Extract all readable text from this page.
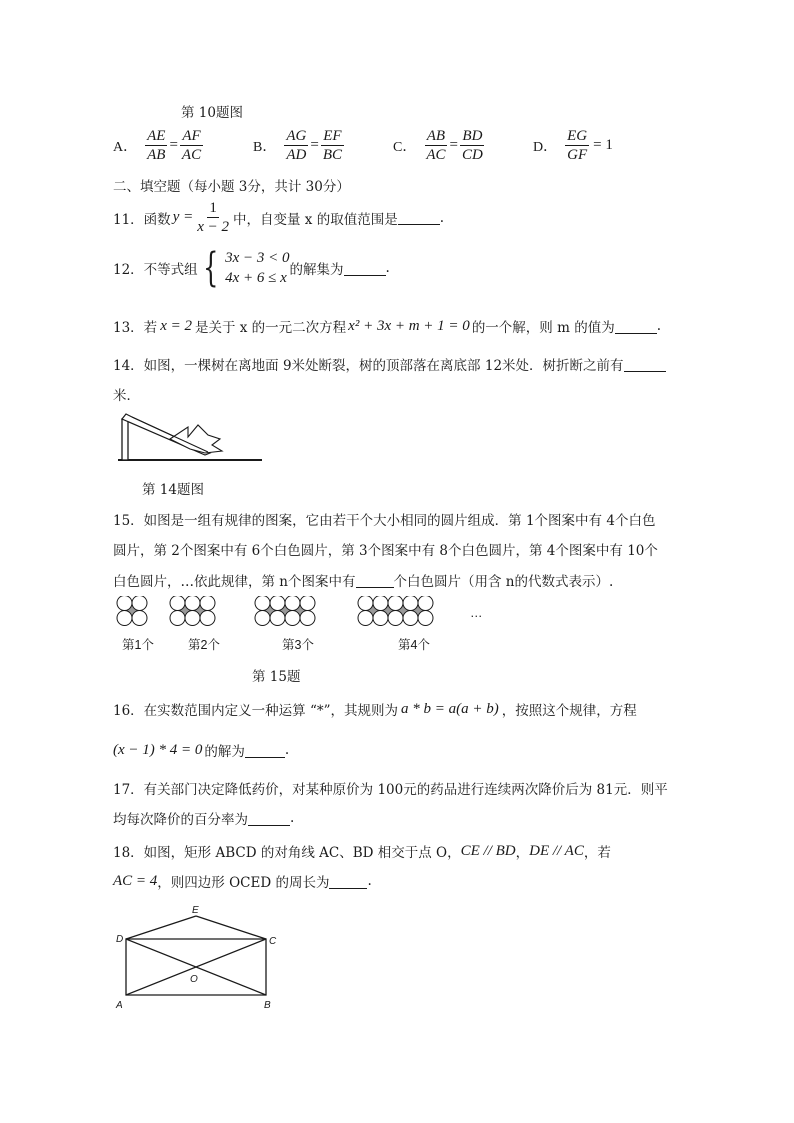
第 10题图
A． $\frac{AE}{AB} = \frac{AF}{AC}$	B． $\frac{AG}{AD} = \frac{EF}{BC}$	C． $\frac{AB}{AC} = \frac{BD}{CD}$	D． $\frac{EG}{GF} = 1$
二、填空题（每小题 3分，共计 30分）
11．函数 $y = \frac{1}{x - 2}$ 中，自变量 x 的取值范围是	.
12．不等式组 { 3x − 3 < 0
4x + 6 ≤ x 的解集为	.
13．若 x = 2 是关于 x 的一元二次方程 x² + 3x + m + 1 = 0 的一个解，则 m 的值为	.
14．如图，一棵树在离地面 9米处断裂，树的顶部落在离底部 12米处．树折断之前有
米．
第 14题图
15．如图是一组有规律的图案，它由若干个大小相同的圆片组成．第 1个图案中有 4个白色
圆片，第 2个图案中有 6个白色圆片，第 3个图案中有 8个白色圆片，第 4个图案中有 10个
白色圆片，…依此规律，第 n个图案中有	个白色圆片（用含 n的代数式表示）.
第1个	第2个	第3个	第4个
…
第 15题
16．在实数范围内定义一种运算 “*”，其规则为 a * b = a(a + b) ，按照这个规律，方程
(x − 1) * 4 = 0 的解为	.
17．有关部门决定降低药价，对某种原价为 100元的药品进行连续两次降价后为 81元．则平
均每次降价的百分率为	.
18．如图，矩形 ABCD 的对角线 AC、BD 相交于点 O， CE // BD ， DE // AC ，若
AC = 4 ，则四边形 OCED 的周长为	.
E
D	C
O
A	B
